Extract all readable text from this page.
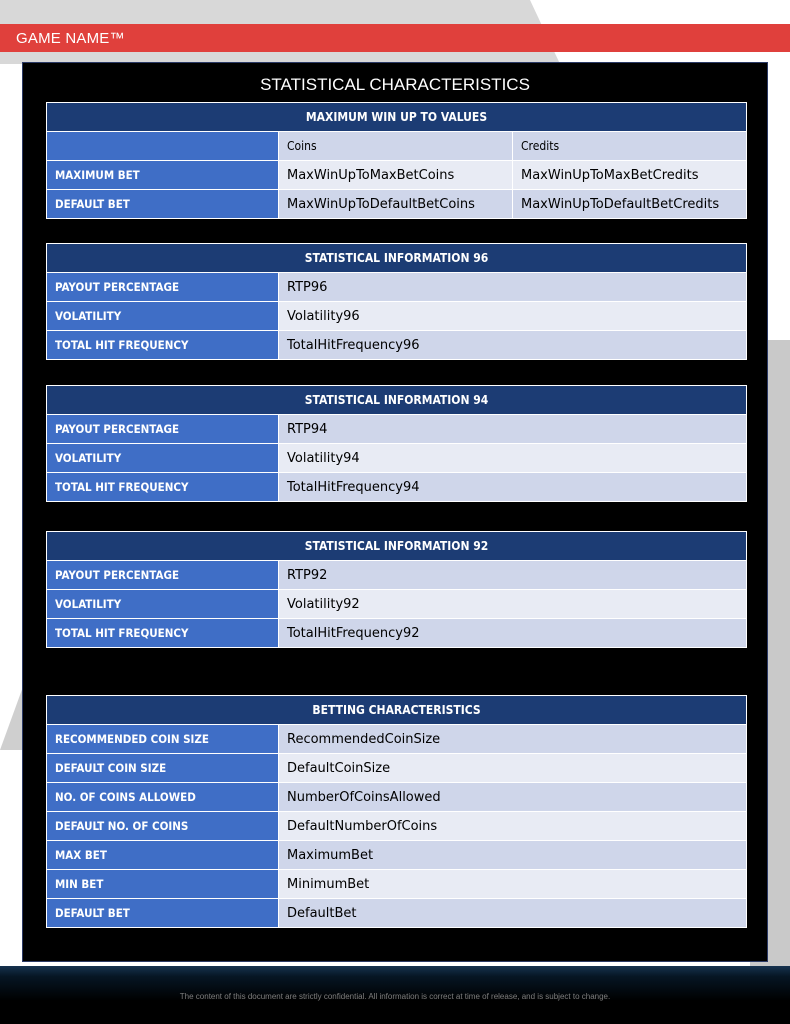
GAME NAME™
STATISTICAL CHARACTERISTICS
MAXIMUM WIN UP TO VALUES		
	Coins	Credits
MAXIMUM BET	MaxWinUpToMaxBetCoins	MaxWinUpToMaxBetCredits
DEFAULT BET	MaxWinUpToDefaultBetCoins	MaxWinUpToDefaultBetCredits
STATISTICAL INFORMATION 96	
PAYOUT PERCENTAGE	RTP96
VOLATILITY	Volatility96
TOTAL HIT FREQUENCY	TotalHitFrequency96
STATISTICAL INFORMATION 94	
PAYOUT PERCENTAGE	RTP94
VOLATILITY	Volatility94
TOTAL HIT FREQUENCY	TotalHitFrequency94
STATISTICAL INFORMATION 92	
PAYOUT PERCENTAGE	RTP92
VOLATILITY	Volatility92
TOTAL HIT FREQUENCY	TotalHitFrequency92
BETTING CHARACTERISTICS	
RECOMMENDED COIN SIZE	RecommendedCoinSize
DEFAULT COIN SIZE	DefaultCoinSize
NO. OF COINS ALLOWED	NumberOfCoinsAllowed
DEFAULT NO. OF COINS	DefaultNumberOfCoins
MAX BET	MaximumBet
MIN BET	MinimumBet
DEFAULT BET	DefaultBet
The content of this document are strictly confidential. All information is correct at time of release, and is subject to change.
